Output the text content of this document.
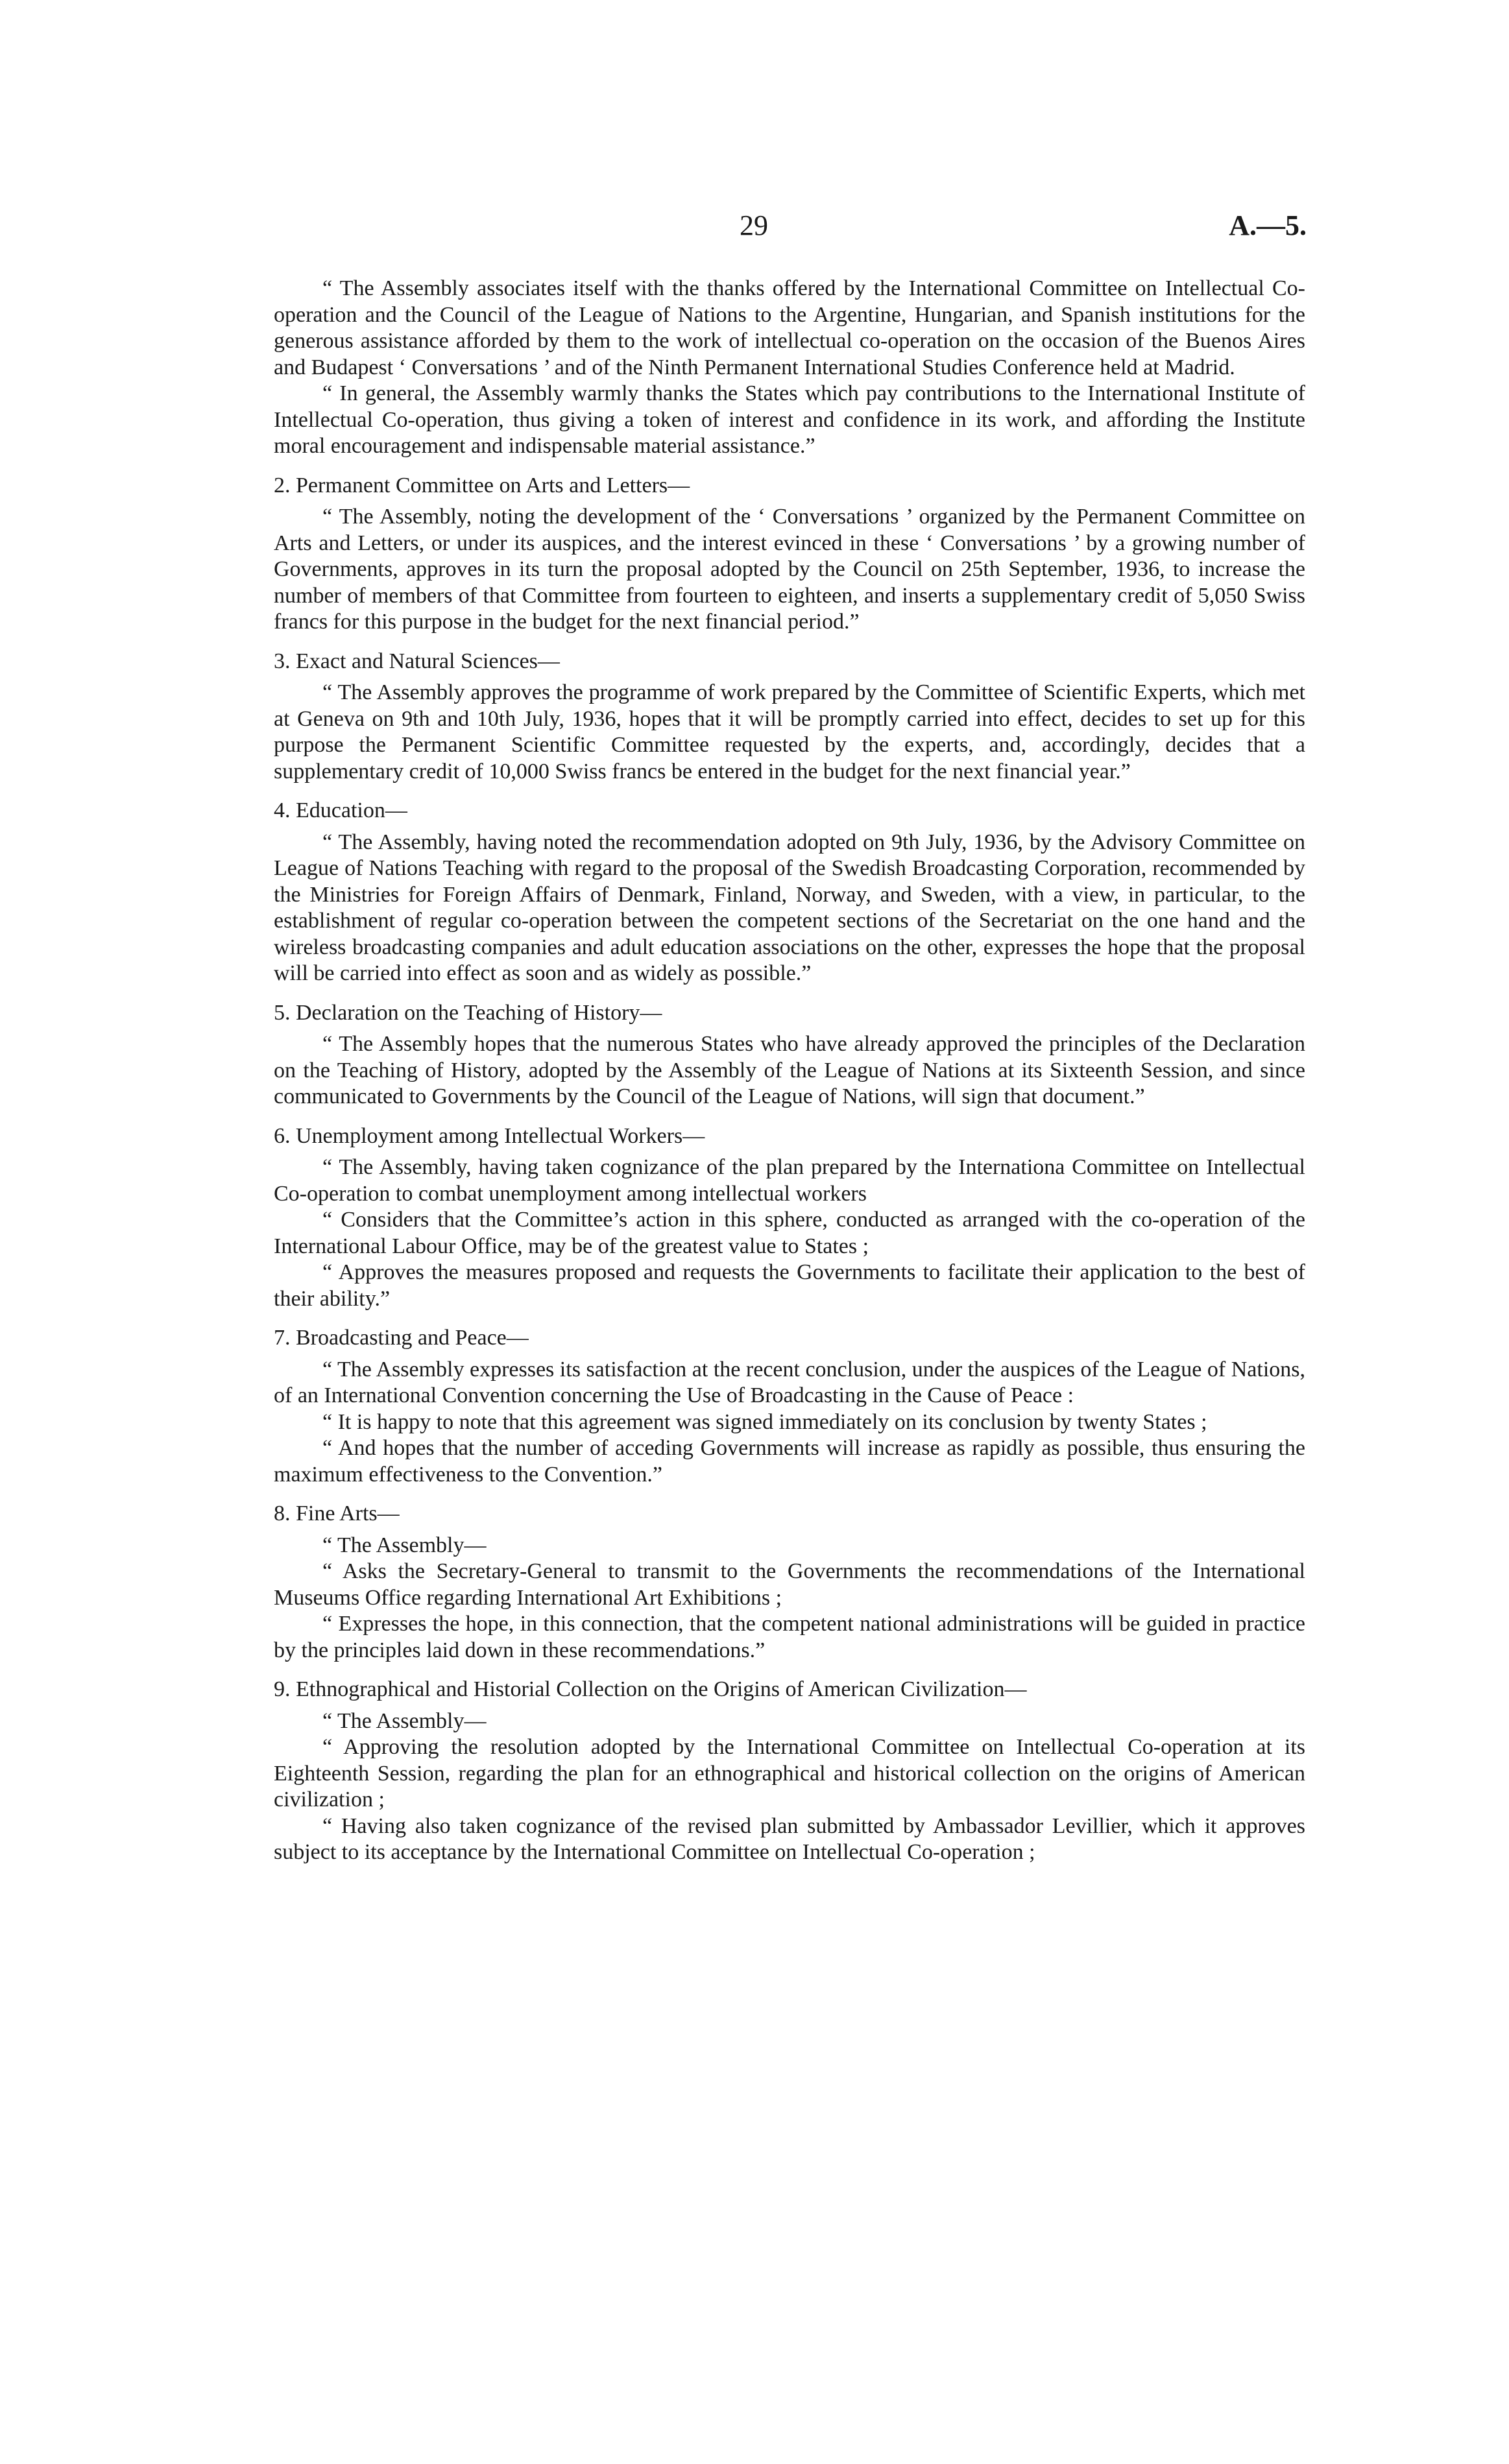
29	A.—5.

“ The Assembly associates itself with the thanks offered by the International Committee on Intellectual Co-operation and the Council of the League of Nations to the Argentine, Hungarian, and Spanish institutions for the generous assistance afforded by them to the work of intellectual co-operation on the occasion of the Buenos Aires and Budapest ‘ Conversations ’ and of the Ninth Permanent International Studies Conference held at Madrid.

“ In general, the Assembly warmly thanks the States which pay contributions to the International Institute of Intellectual Co-operation, thus giving a token of interest and confidence in its work, and affording the Institute moral encouragement and indispensable material assistance.”

2. Permanent Committee on Arts and Letters—

“ The Assembly, noting the development of the ‘ Conversations ’ organized by the Permanent Committee on Arts and Letters, or under its auspices, and the interest evinced in these ‘ Conversations ’ by a growing number of Governments, approves in its turn the proposal adopted by the Council on 25th September, 1936, to increase the number of members of that Committee from fourteen to eighteen, and inserts a supplementary credit of 5,050 Swiss francs for this purpose in the budget for the next financial period.”

3. Exact and Natural Sciences—

“ The Assembly approves the programme of work prepared by the Committee of Scientific Experts, which met at Geneva on 9th and 10th July, 1936, hopes that it will be promptly carried into effect, decides to set up for this purpose the Permanent Scientific Committee requested by the experts, and, accordingly, decides that a supplementary credit of 10,000 Swiss francs be entered in the budget for the next financial year.”

4. Education—

“ The Assembly, having noted the recommendation adopted on 9th July, 1936, by the Advisory Committee on League of Nations Teaching with regard to the proposal of the Swedish Broadcasting Corporation, recommended by the Ministries for Foreign Affairs of Denmark, Finland, Norway, and Sweden, with a view, in particular, to the establishment of regular co-operation between the competent sections of the Secretariat on the one hand and the wireless broadcasting companies and adult education associations on the other, expresses the hope that the proposal will be carried into effect as soon and as widely as possible.”

5. Declaration on the Teaching of History—

“ The Assembly hopes that the numerous States who have already approved the principles of the Declaration on the Teaching of History, adopted by the Assembly of the League of Nations at its Sixteenth Session, and since communicated to Governments by the Council of the League of Nations, will sign that document.”

6. Unemployment among Intellectual Workers—

“ The Assembly, having taken cognizance of the plan prepared by the Internationa Committee on Intellectual Co-operation to combat unemployment among intellectual workers

“ Considers that the Committee’s action in this sphere, conducted as arranged with the co-operation of the International Labour Office, may be of the greatest value to States ;

“ Approves the measures proposed and requests the Governments to facilitate their application to the best of their ability.”

7. Broadcasting and Peace—

“ The Assembly expresses its satisfaction at the recent conclusion, under the auspices of the League of Nations, of an International Convention concerning the Use of Broadcasting in the Cause of Peace :

“ It is happy to note that this agreement was signed immediately on its conclusion by twenty States ;

“ And hopes that the number of acceding Governments will increase as rapidly as possible, thus ensuring the maximum effectiveness to the Convention.”

8. Fine Arts—

“ The Assembly—

“ Asks the Secretary-General to transmit to the Governments the recommendations of the International Museums Office regarding International Art Exhibitions ;

“ Expresses the hope, in this connection, that the competent national administrations will be guided in practice by the principles laid down in these recommendations.”

9. Ethnographical and Historial Collection on the Origins of American Civilization—

“ The Assembly—

“ Approving the resolution adopted by the International Committee on Intellectual Co-operation at its Eighteenth Session, regarding the plan for an ethnographical and historical collection on the origins of American civilization ;

“ Having also taken cognizance of the revised plan submitted by Ambassador Levillier, which it approves subject to its acceptance by the International Committee on Intellectual Co-operation ;
